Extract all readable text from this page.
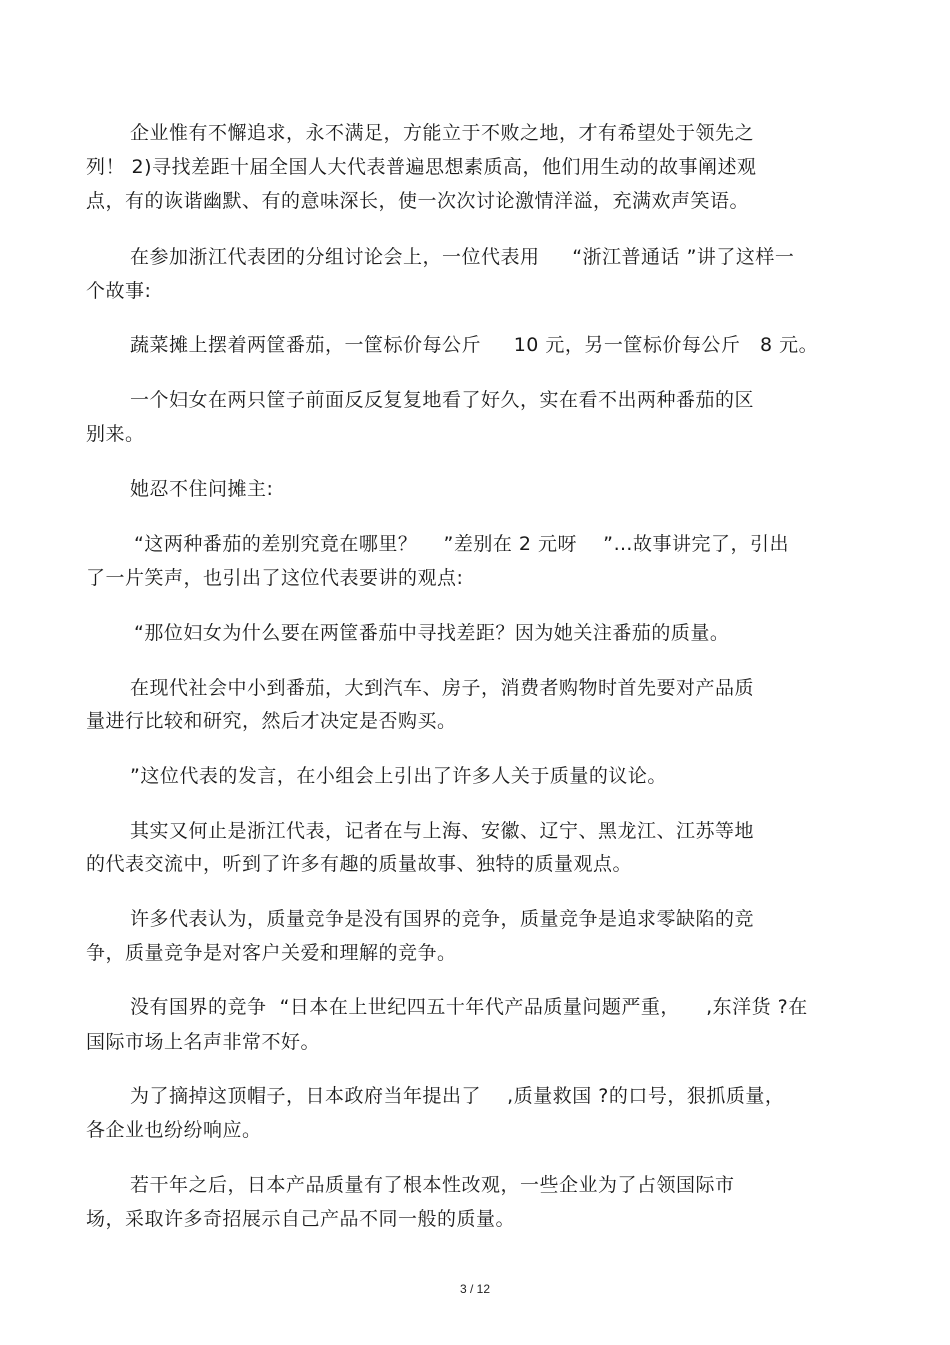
企业惟有不懈追求，永不满足，方能立于不败之地，才有希望处于领先之
列！ 2)寻找差距十届全国人大代表普遍思想素质高，他们用生动的故事阐述观
点，有的诙谐幽默、有的意味深长，使一次次讨论激情洋溢，充满欢声笑语。
在参加浙江代表团的分组讨论会上，一位代表用     “浙江普通话 ”讲了这样一
个故事:
蔬菜摊上摆着两筐番茄，一筐标价每公斤     10 元，另一筐标价每公斤   8 元。
一个妇女在两只筐子前面反反复复地看了好久，实在看不出两种番茄的区
别来。
她忍不住问摊主:
“这两种番茄的差别究竟在哪里？    ”差别在 2 元呀    ”…故事讲完了，引出
了一片笑声，也引出了这位代表要讲的观点:
“那位妇女为什么要在两筐番茄中寻找差距？因为她关注番茄的质量。
在现代社会中小到番茄，大到汽车、房子，消费者购物时首先要对产品质
量进行比较和研究，然后才决定是否购买。
”这位代表的发言，在小组会上引出了许多人关于质量的议论。
其实又何止是浙江代表，记者在与上海、安徽、辽宁、黑龙江、江苏等地
的代表交流中，听到了许多有趣的质量故事、独特的质量观点。
许多代表认为，质量竞争是没有国界的竞争，质量竞争是追求零缺陷的竞
争，质量竞争是对客户关爱和理解的竞争。
没有国界的竞争  “日本在上世纪四五十年代产品质量问题严重，    ,东洋货 ?在
国际市场上名声非常不好。
为了摘掉这顶帽子，日本政府当年提出了    ,质量救国 ?的口号，狠抓质量，
各企业也纷纷响应。
若干年之后，日本产品质量有了根本性改观，一些企业为了占领国际市
场，采取许多奇招展示自己产品不同一般的质量。
3 / 12
